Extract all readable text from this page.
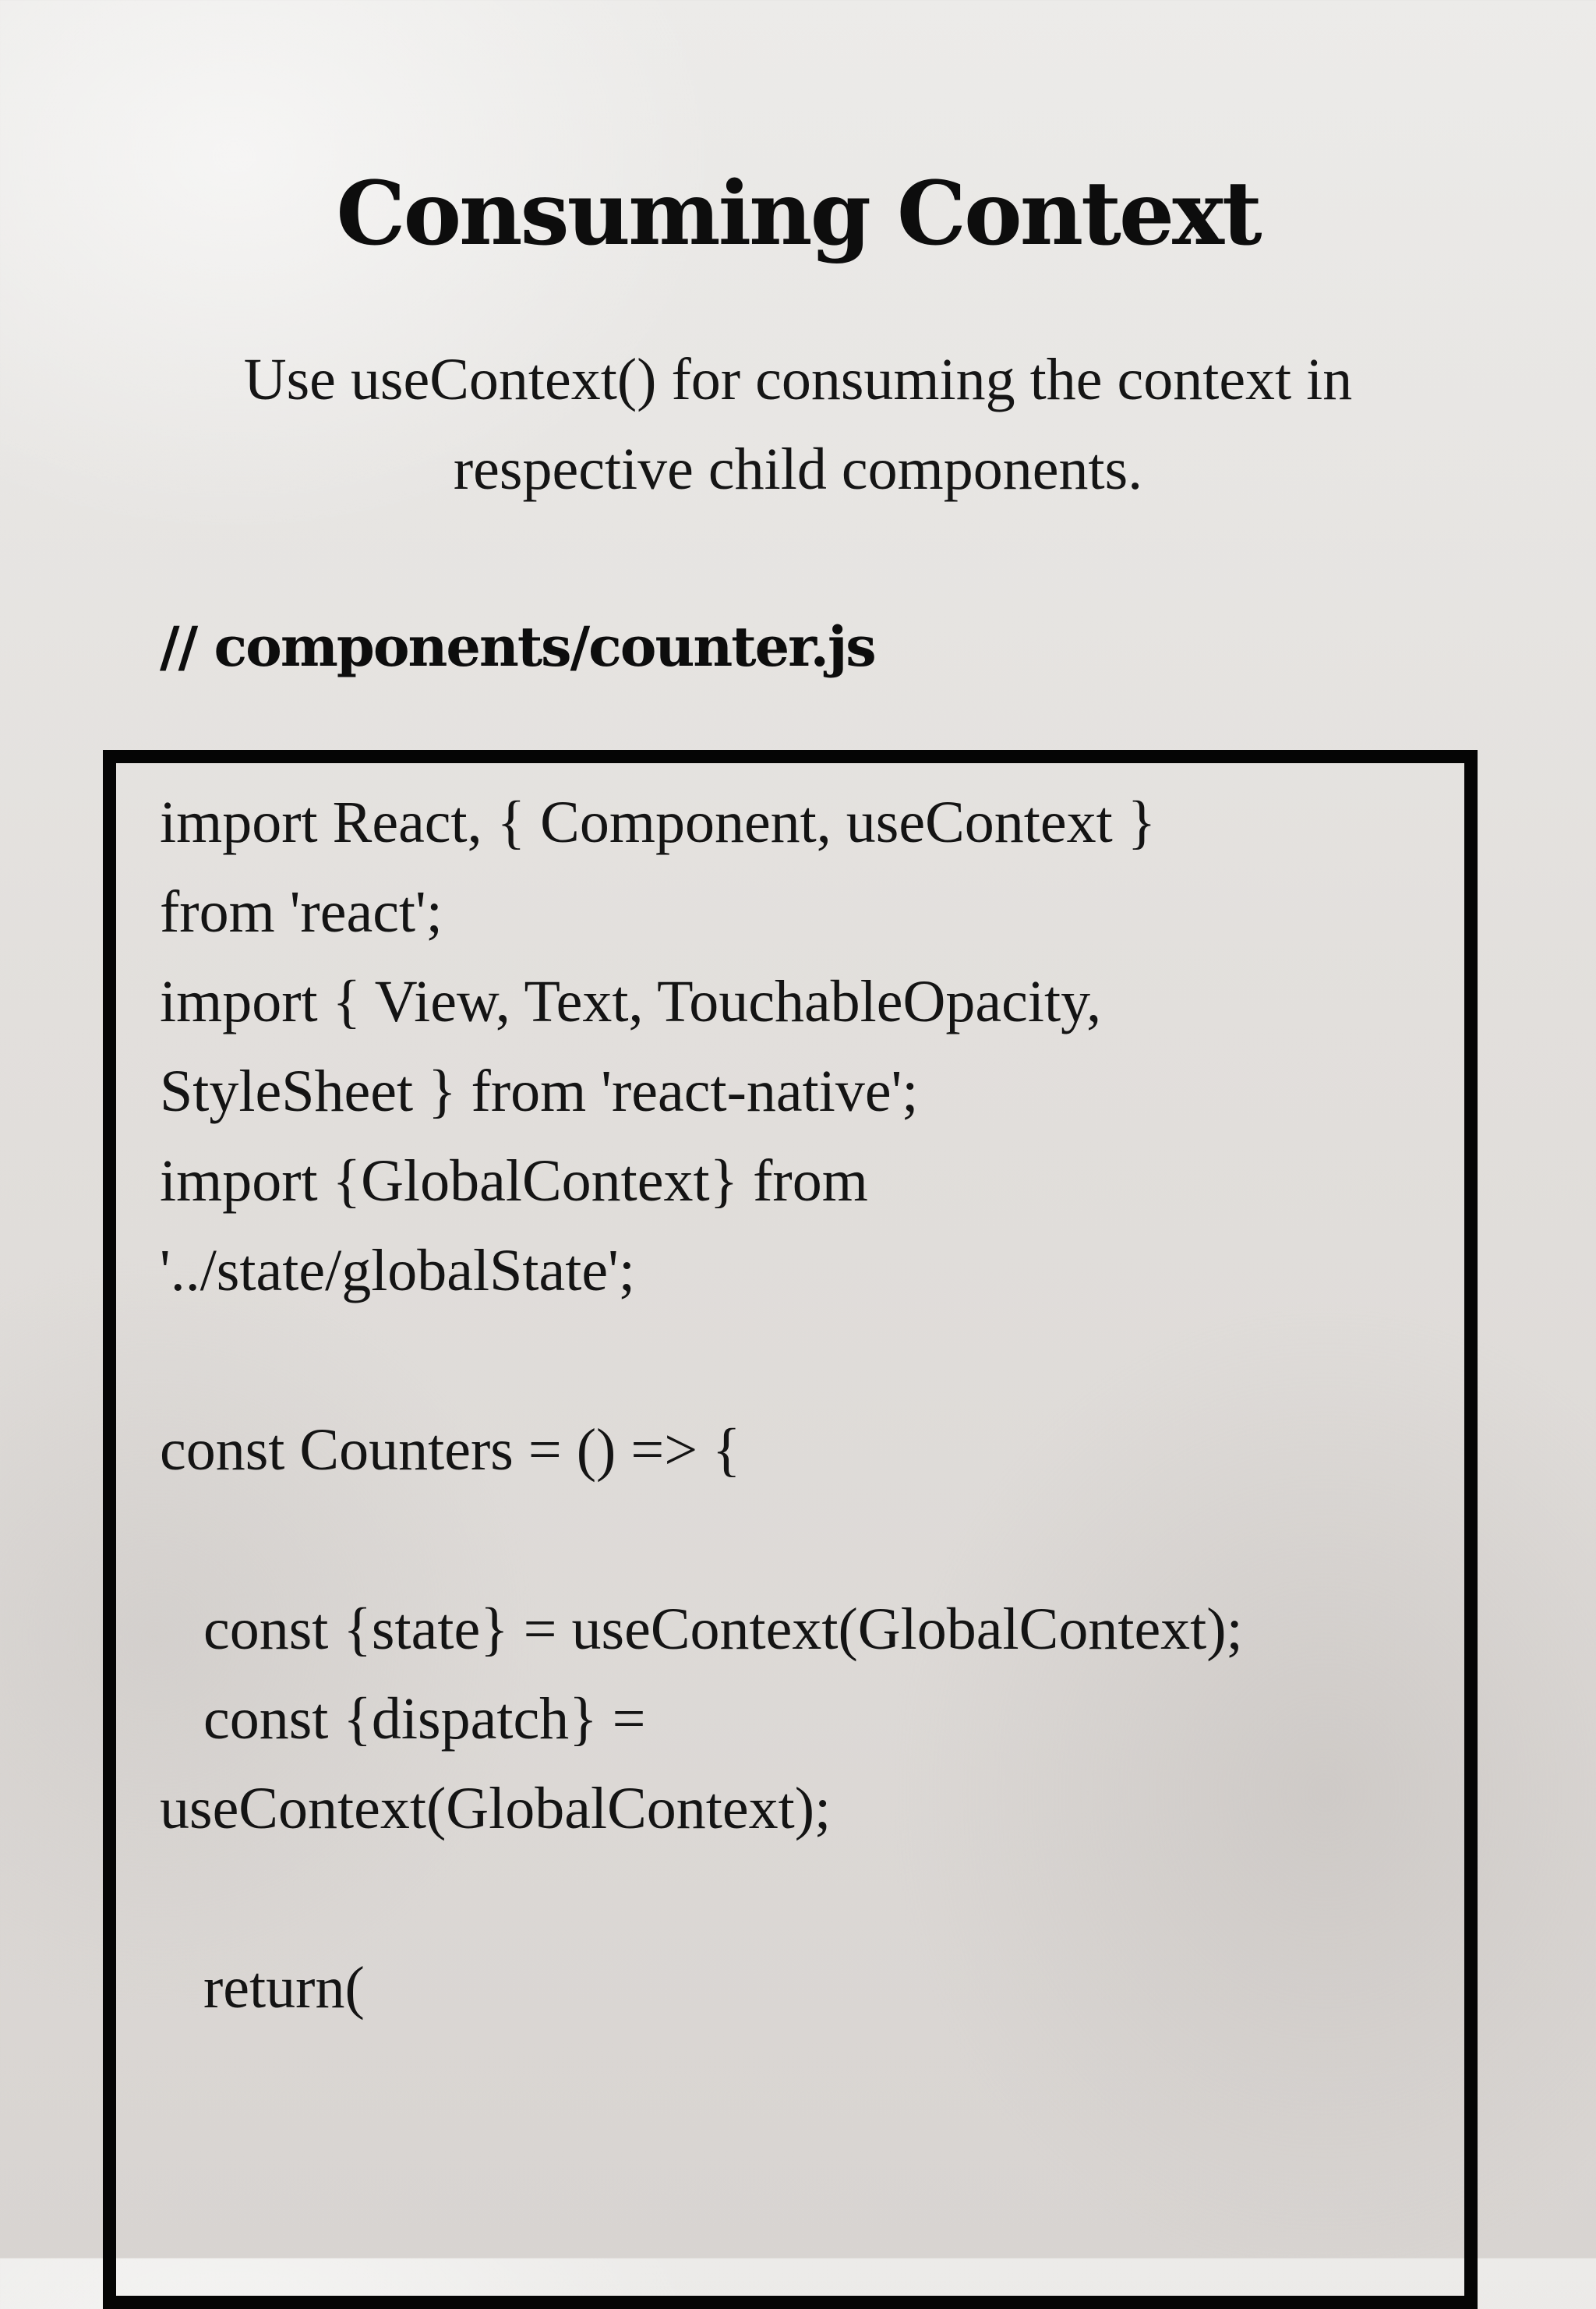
Consuming Context

Use useContext() for consuming the context in respective child components.

// components/counter.js

import React, { Component, useContext }
from 'react';
import { View, Text, TouchableOpacity,
StyleSheet } from 'react-native';
import {GlobalContext} from
'../state/globalState';
const Counters = () => {
const {state} = useContext(GlobalContext);
const {dispatch} =
useContext(GlobalContext);
return(
